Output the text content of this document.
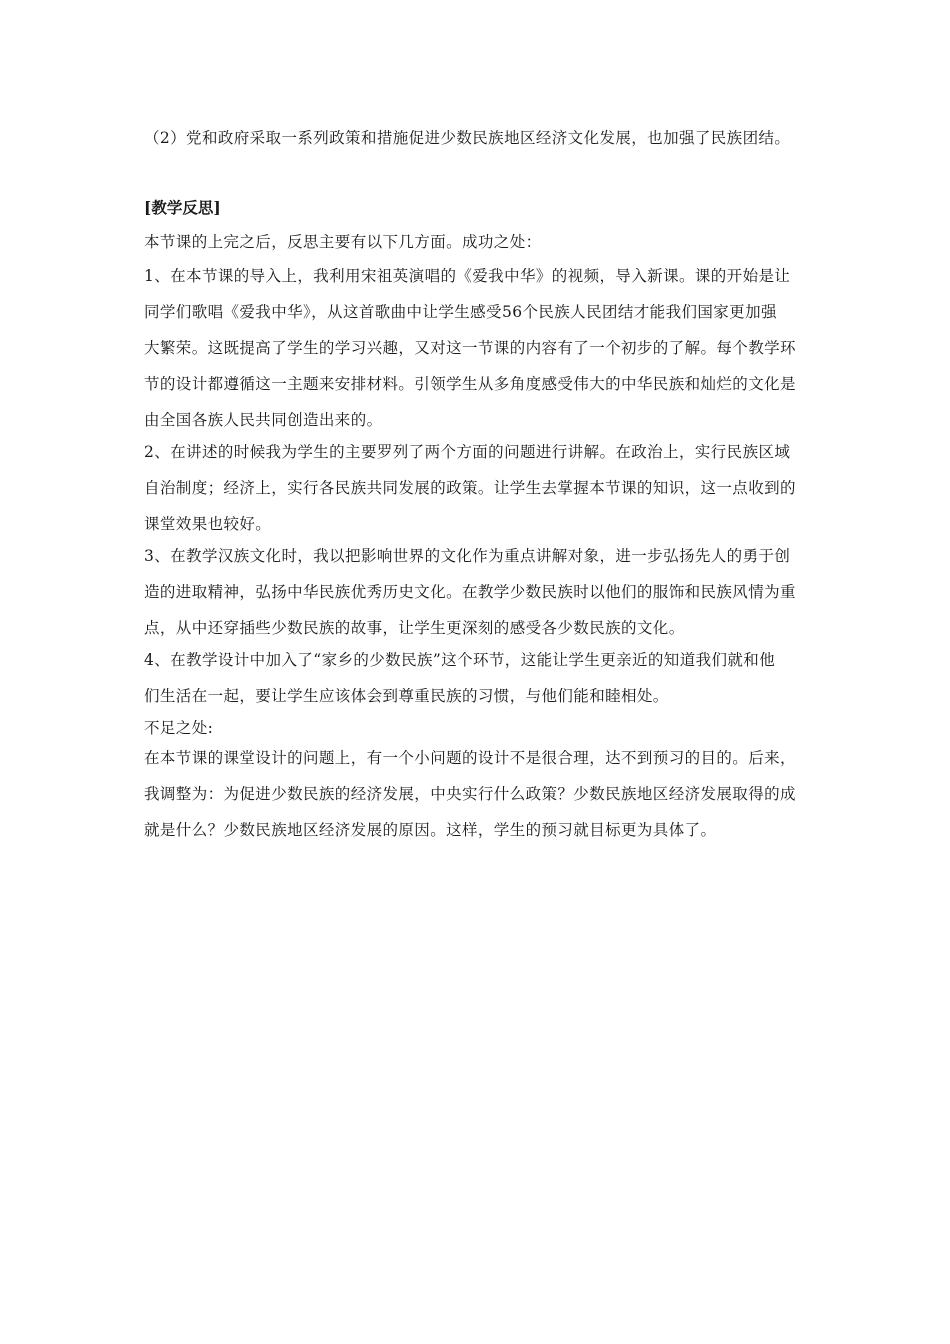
（2）党和政府采取一系列政策和措施促进少数民族地区经济文化发展，也加强了民族团结。
[教学反思]
本节课的上完之后，反思主要有以下几方面。成功之处：
1、在本节课的导入上，我利用宋祖英演唱的《爱我中华》的视频，导入新课。课的开始是让
同学们歌唱《爱我中华》，从这首歌曲中让学生感受56个民族人民团结才能我们国家更加强
大繁荣。这既提高了学生的学习兴趣，又对这一节课的内容有了一个初步的了解。每个教学环
节的设计都遵循这一主题来安排材料。引领学生从多角度感受伟大的中华民族和灿烂的文化是
由全国各族人民共同创造出来的。
2、在讲述的时候我为学生的主要罗列了两个方面的问题进行讲解。在政治上，实行民族区域
自治制度；经济上，实行各民族共同发展的政策。让学生去掌握本节课的知识，这一点收到的
课堂效果也较好。
3、在教学汉族文化时，我以把影响世界的文化作为重点讲解对象，进一步弘扬先人的勇于创
造的进取精神，弘扬中华民族优秀历史文化。在教学少数民族时以他们的服饰和民族风情为重
点，从中还穿插些少数民族的故事，让学生更深刻的感受各少数民族的文化。
4、在教学设计中加入了“家乡的少数民族”这个环节，这能让学生更亲近的知道我们就和他
们生活在一起，要让学生应该体会到尊重民族的习惯，与他们能和睦相处。
不足之处:
在本节课的课堂设计的问题上，有一个小问题的设计不是很合理，达不到预习的目的。后来，
我调整为：为促进少数民族的经济发展，中央实行什么政策？少数民族地区经济发展取得的成
就是什么？少数民族地区经济发展的原因。这样，学生的预习就目标更为具体了。
